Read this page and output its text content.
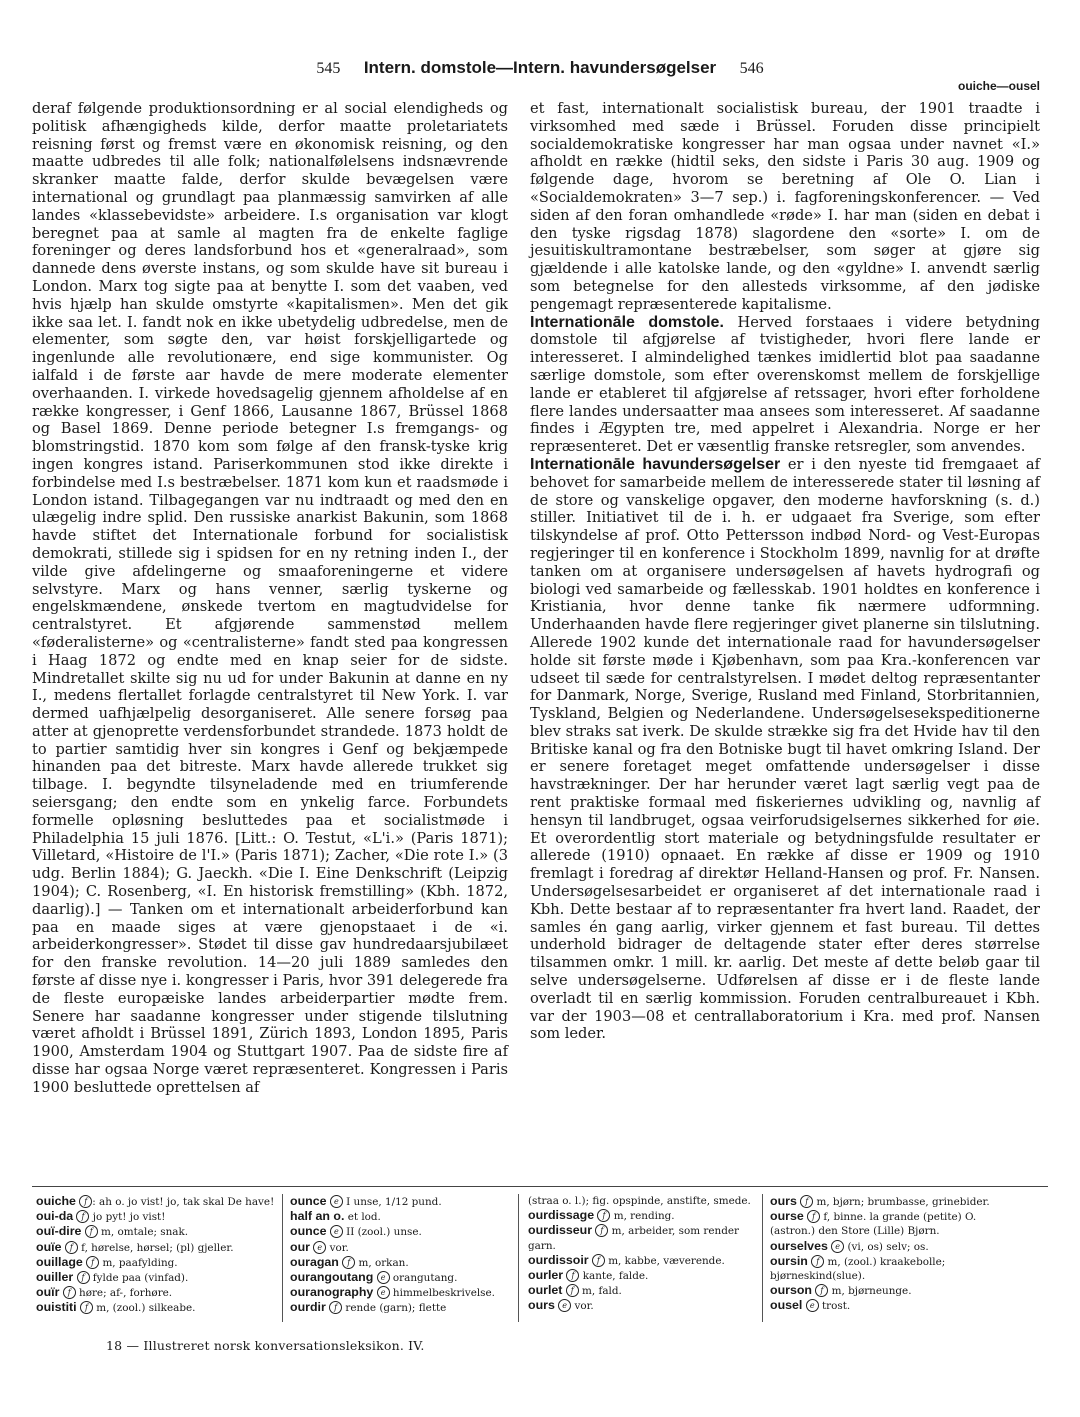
545 Intern. domstole—Intern. havundersøgelser 546
ouiche—ousel

deraf følgende produktionsordning er al social elendigheds og politisk afhængigheds kilde, derfor maatte proletariatets reisning først og fremst være en økonomisk reisning, og den maatte udbredes til alle folk; nationalfølelsens indsnævrende skranker maatte falde, derfor skulde bevægelsen være international og grundlagt paa planmæssig samvirken af alle landes «klassebevidste» arbeidere. I.s organisation var klogt beregnet paa at samle al magten fra de enkelte faglige foreninger og deres landsforbund hos et «generalraad», som dannede dens øverste instans, og som skulde have sit bureau i London. Marx tog sigte paa at benytte I. som det vaaben, ved hvis hjælp han skulde omstyrte «kapitalismen». Men det gik ikke saa let. I. fandt nok en ikke ubetydelig udbredelse, men de elementer, som søgte den, var høist forskjelligartede og ingenlunde alle revolutionære, end sige kommunister. Og ialfald i de første aar havde de mere moderate elementer overhaanden. I. virkede hovedsagelig gjennem afholdelse af en række kongresser, i Genf 1866, Lausanne 1867, Brüssel 1868 og Basel 1869. Denne periode betegner I.s fremgangs- og blomstringstid. 1870 kom som følge af den fransk-tyske krig ingen kongres istand. Pariserkommunen stod ikke direkte i forbindelse med I.s bestræbelser. 1871 kom kun et raadsmøde i London istand. Tilbagegangen var nu indtraadt og med den en ulægelig indre splid. Den russiske anarkist Bakunin, som 1868 havde stiftet det Internationale forbund for socialistisk demokrati, stillede sig i spidsen for en ny retning inden I., der vilde give afdelingerne og smaaforeningerne et videre selvstyre. Marx og hans venner, særlig tyskerne og engelskmændene, ønskede tvertom en magtudvidelse for centralstyret. Et afgjørende sammenstød mellem «føderalisterne» og «centralisterne» fandt sted paa kongressen i Haag 1872 og endte med en knap seier for de sidste. Mindretallet skilte sig nu ud for under Bakunin at danne en ny I., medens flertallet forlagde centralstyret til New York. I. var dermed uafhjælpelig desorganiseret. Alle senere forsøg paa atter at gjenoprette verdensforbundet strandede. 1873 holdt de to partier samtidig hver sin kongres i Genf og bekjæmpede hinanden paa det bitreste. Marx havde allerede trukket sig tilbage. I. begyndte tilsyneladende med en triumferende seiersgang; den endte som en ynkelig farce. Forbundets formelle opløsning besluttedes paa et socialistmøde i Philadelphia 15 juli 1876. [Litt.: O. Testut, «L'i.» (Paris 1871); Villetard, «Histoire de l'I.» (Paris 1871); Zacher, «Die rote I.» (3 udg. Berlin 1884); G. Jaeckh. «Die I. Eine Denkschrift (Leipzig 1904); C. Rosenberg, «I. En historisk fremstilling» (Kbh. 1872, daarlig).] — Tanken om et internationalt arbeiderforbund kan paa en maade siges at være gjenopstaaet i de «i. arbeiderkongresser». Stødet til disse gav hundredaarsjubilæet for den franske revolution. 14—20 juli 1889 samledes den første af disse nye i. kongresser i Paris, hvor 391 delegerede fra de fleste europæiske landes arbeiderpartier mødte frem. Senere har saadanne kongresser under stigende tilslutning været afholdt i Brüssel 1891, Zürich 1893, London 1895, Paris 1900, Amsterdam 1904 og Stuttgart 1907. Paa de sidste fire af disse har ogsaa Norge været repræsenteret. Kongressen i Paris 1900 besluttede oprettelsen af

et fast, internationalt socialistisk bureau, der 1901 traadte i virksomhed med sæde i Brüssel. Foruden disse principielt socialdemokratiske kongresser har man ogsaa under navnet «I.» afholdt en række (hidtil seks, den sidste i Paris 30 aug. 1909 og følgende dage, hvorom se beretning af Ole O. Lian i «Socialdemokraten» 3—7 sep.) i. fagforeningskonferencer. — Ved siden af den foran omhandlede «røde» I. har man (siden en debat i den tyske rigsdag 1878) slagordene den «sorte» I. om de jesuitiskultramontane bestræbelser, som søger at gjøre sig gjældende i alle katolske lande, og den «gyldne» I. anvendt særlig som betegnelse for den allesteds virksomme, af den jødiske pengemagt repræsenterede kapitalisme.

Internationāle domstole. Herved forstaaes i videre betydning domstole til afgjørelse af tvistigheder, hvori flere lande er interesseret. I almindelighed tænkes imidlertid blot paa saadanne særlige domstole, som efter overenskomst mellem de forskjellige lande er etableret til afgjørelse af retssager, hvori efter forholdene flere landes undersaatter maa ansees som interesseret. Af saadanne findes i Ægypten tre, med appelret i Alexandria. Norge er her repræsenteret. Det er væsentlig franske retsregler, som anvendes.

Internationāle havundersøgelser er i den nyeste tid fremgaaet af behovet for samarbeide mellem de interesserede stater til løsning af de store og vanskelige opgaver, den moderne havforskning (s. d.) stiller. Initiativet til de i. h. er udgaaet fra Sverige, som efter tilskyndelse af prof. Otto Pettersson indbød Nord- og Vest-Europas regjeringer til en konference i Stockholm 1899, navnlig for at drøfte tanken om at organisere undersøgelsen af havets hydrografi og biologi ved samarbeide og fællesskab. 1901 holdtes en konference i Kristiania, hvor denne tanke fik nærmere udformning. Underhaanden havde flere regjeringer givet planerne sin tilslutning. Allerede 1902 kunde det internationale raad for havundersøgelser holde sit første møde i Kjøbenhavn, som paa Kra.-konferencen var udseet til sæde for centralstyrelsen. I mødet deltog repræsentanter for Danmark, Norge, Sverige, Rusland med Finland, Storbritannien, Tyskland, Belgien og Nederlandene. Undersøgelsesekspeditionerne blev straks sat iverk. De skulde strække sig fra det Hvide hav til den Britiske kanal og fra den Botniske bugt til havet omkring Island. Der er senere foretaget meget omfattende undersøgelser i disse havstrækninger. Der har herunder været lagt særlig vegt paa de rent praktiske formaal med fiskeriernes udvikling og, navnlig af hensyn til landbruget, ogsaa veirforudsigelsernes sikkerhed for øie. Et overordentlig stort materiale og betydningsfulde resultater er allerede (1910) opnaaet. En række af disse er 1909 og 1910 fremlagt i foredrag af direktør Helland-Hansen og prof. Fr. Nansen. Undersøgelsesarbeidet er organiseret af det internationale raad i Kbh. Dette bestaar af to repræsentanter fra hvert land. Raadet, der samles én gang aarlig, virker gjennem et fast bureau. Til dettes underhold bidrager de deltagende stater efter deres størrelse tilsammen omkr. 1 mill. kr. aarlig. Det meste af dette beløb gaar til selve undersøgelserne. Udførelsen af disse er i de fleste lande overladt til en særlig kommission. Foruden centralbureauet i Kbh. var der 1903—08 et centrallaboratorium i Kra. med prof. Nansen som leder.

ouiche f : ah o. jo vist! jo, tak skal De have!

oui-da f jo pyt! jo vist!

ouï-dire f m, omtale; snak.

ouïe f f, hørelse, hørsel; (pl) gjeller.

ouillage f m, paafylding.

ouiller f fylde paa (vinfad).

ouïr f høre; af-, forhøre.

ouistiti f m, (zool.) silkeabe.

ounce e I unse, 1/12 pund.

half an o. et lod.

ounce e II (zool.) unse.

our e vor.

ouragan f m, orkan.

ourangoutang e orangutang.

ouranography e himmelbeskrivelse.

ourdir f rende (garn); flette

(straa o. l.); fig. opspinde, anstifte, smede.

ourdissage f m, rending.

ourdisseur f m, arbeider, som render garn.

ourdissoir f m, kabbe, væverende.

ourler f kante, falde.

ourlet f m, fald.

ours e vor.

ours f m, bjørn; brumbasse, grinebider.

ourse f f, binne. la grande (petite) O. (astron.) den Store (Lille) Bjørn.

ourselves e (vi, os) selv; os.

oursin f m, (zool.) kraakebolle; bjørneskind(slue).

ourson f m, bjørneunge.

ousel e trost.

18 — Illustreret norsk konversationsleksikon. IV.
